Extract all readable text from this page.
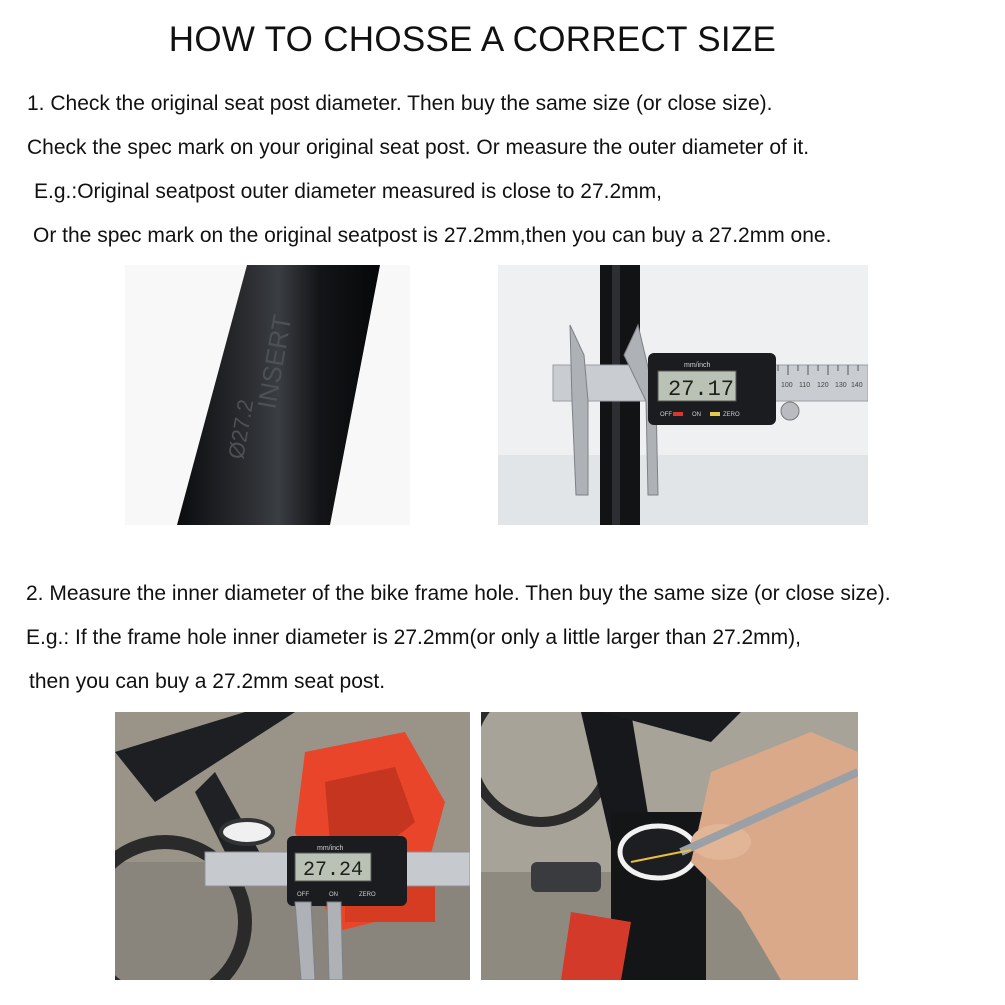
HOW TO CHOSSE A CORRECT SIZE
1. Check the original seat post diameter. Then buy the same size (or close size).
Check the spec mark on your original seat post. Or measure the outer diameter of it.
E.g.:Original seatpost outer diameter measured is close to 27.2mm,
Or the spec mark on the original seatpost is 27.2mm,then you can buy a 27.2mm one.
INSERT
Ø27.2
100 110 120 130 140
mm/inch
27.17
OFF	ON	ZERO
2. Measure the inner diameter of the bike frame hole. Then buy the same size (or close size).
E.g.: If the frame hole inner diameter is 27.2mm(or only a little larger than 27.2mm),
then you can buy a 27.2mm seat post.
mm/inch
27.24
OFF	ON	ZERO
